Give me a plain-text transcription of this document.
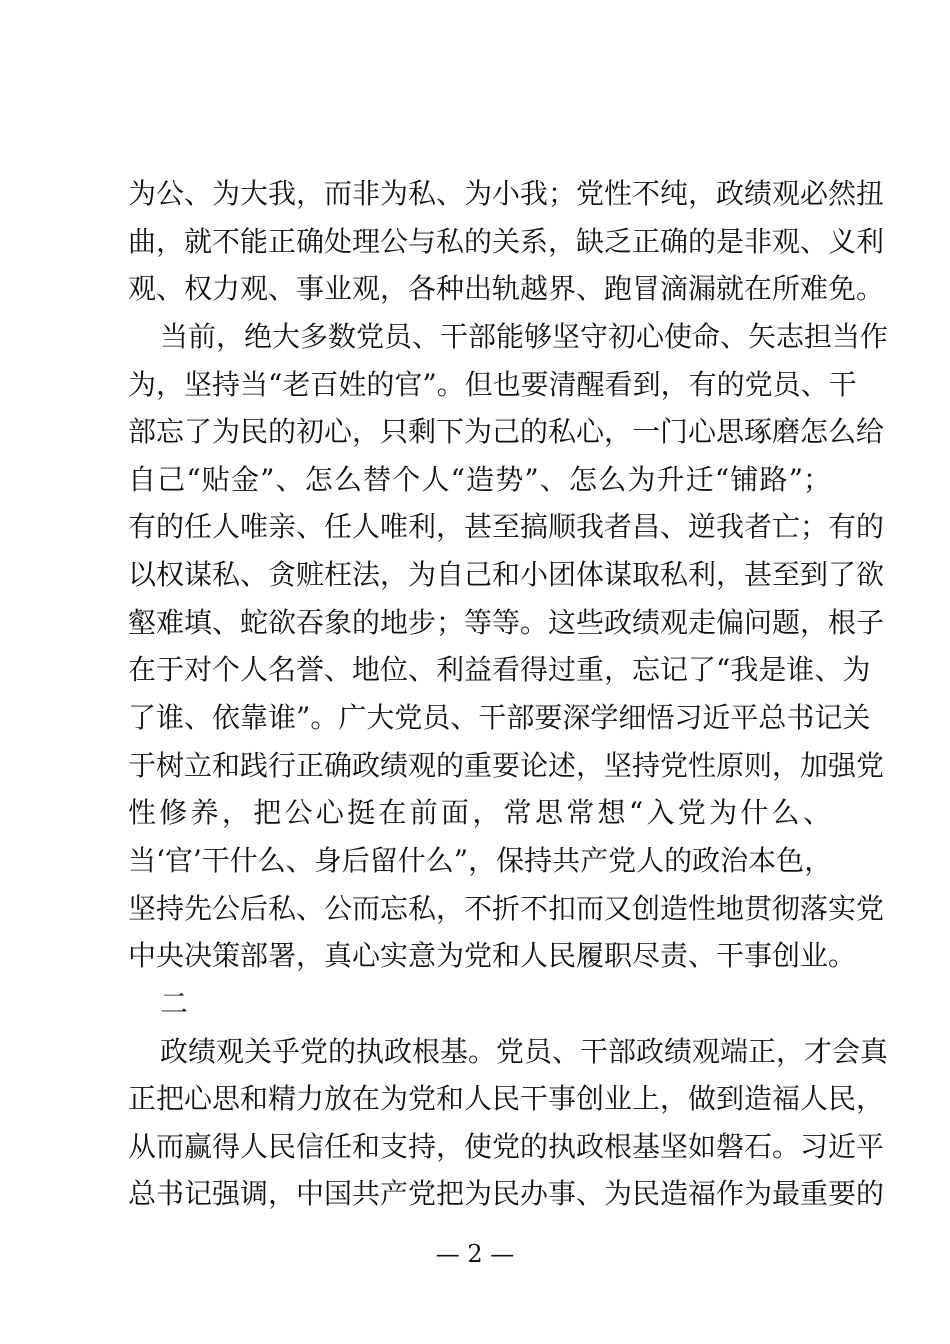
为公、为大我，而非为私、为小我；党性不纯，政绩观必然扭
曲，就不能正确处理公与私的关系，缺乏正确的是非观、义利
观、权力观、事业观，各种出轨越界、跑冒滴漏就在所难免。
当前，绝大多数党员、干部能够坚守初心使命、矢志担当作
为，坚持当“老百姓的官”。但也要清醒看到，有的党员、干
部忘了为民的初心，只剩下为己的私心，一门心思琢磨怎么给
自己“贴金”、怎么替个人“造势”、怎么为升迁“铺路”；
有的任人唯亲、任人唯利，甚至搞顺我者昌、逆我者亡；有的
以权谋私、贪赃枉法，为自己和小团体谋取私利，甚至到了欲
壑难填、蛇欲吞象的地步；等等。这些政绩观走偏问题，根子
在于对个人名誉、地位、利益看得过重，忘记了“我是谁、为
了谁、依靠谁”。广大党员、干部要深学细悟习近平总书记关
于树立和践行正确政绩观的重要论述，坚持党性原则，加强党
性修养，把公心挺在前面，常思常想“入党为什么、
当‘官’干什么、身后留什么”，保持共产党人的政治本色，
坚持先公后私、公而忘私，不折不扣而又创造性地贯彻落实党
中央决策部署，真心实意为党和人民履职尽责、干事创业。
二
政绩观关乎党的执政根基。党员、干部政绩观端正，才会真
正把心思和精力放在为党和人民干事创业上，做到造福人民，
从而赢得人民信任和支持，使党的执政根基坚如磐石。习近平
总书记强调，中国共产党把为民办事、为民造福作为最重要的
— 2 —
